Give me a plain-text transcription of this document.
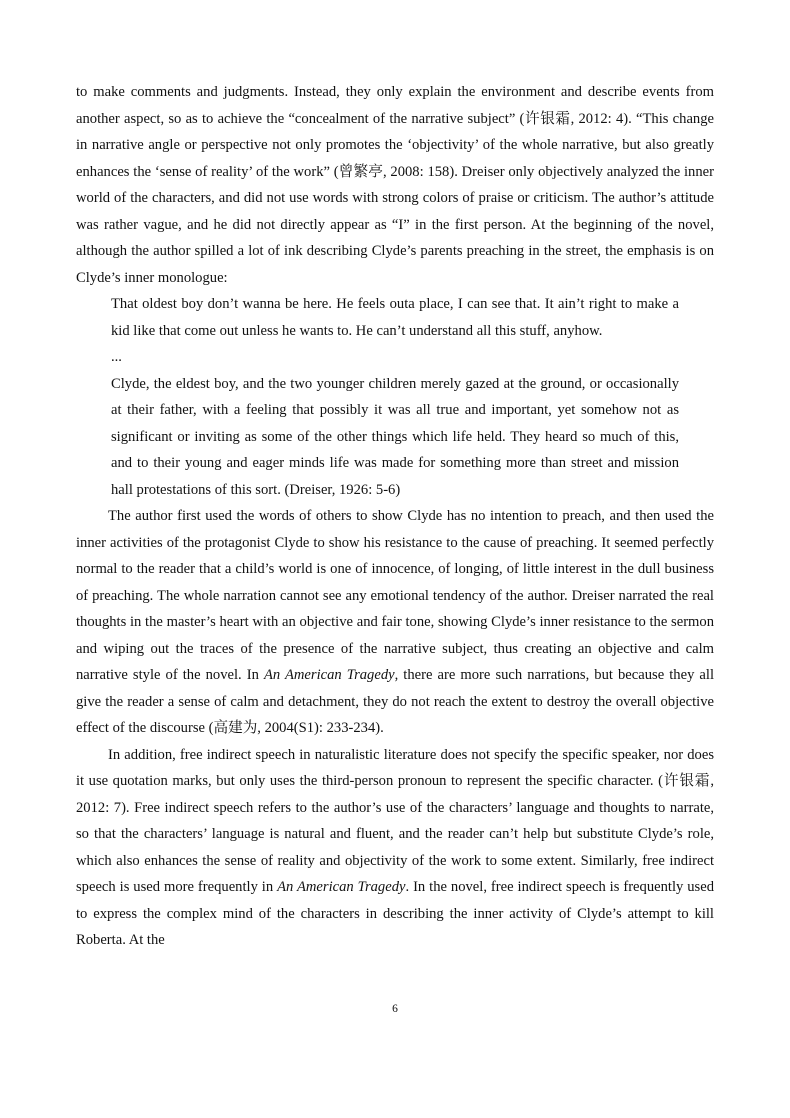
to make comments and judgments. Instead, they only explain the environment and describe events from another aspect, so as to achieve the “concealment of the narrative subject” (许银霜, 2012: 4). “This change in narrative angle or perspective not only promotes the ‘objectivity’ of the whole narrative, but also greatly enhances the ‘sense of reality’ of the work” (曾繁亭, 2008: 158). Dreiser only objectively analyzed the inner world of the characters, and did not use words with strong colors of praise or criticism. The author’s attitude was rather vague, and he did not directly appear as “I” in the first person. At the beginning of the novel, although the author spilled a lot of ink describing Clyde’s parents preaching in the street, the emphasis is on Clyde’s inner monologue:

That oldest boy don’t wanna be here. He feels outa place, I can see that. It ain’t right to make a kid like that come out unless he wants to. He can’t understand all this stuff, anyhow.

...

Clyde, the eldest boy, and the two younger children merely gazed at the ground, or occasionally at their father, with a feeling that possibly it was all true and important, yet somehow not as significant or inviting as some of the other things which life held. They heard so much of this, and to their young and eager minds life was made for something more than street and mission hall protestations of this sort. (Dreiser, 1926: 5-6)

The author first used the words of others to show Clyde has no intention to preach, and then used the inner activities of the protagonist Clyde to show his resistance to the cause of preaching. It seemed perfectly normal to the reader that a child’s world is one of innocence, of longing, of little interest in the dull business of preaching. The whole narration cannot see any emotional tendency of the author. Dreiser narrated the real thoughts in the master’s heart with an objective and fair tone, showing Clyde’s inner resistance to the sermon and wiping out the traces of the presence of the narrative subject, thus creating an objective and calm narrative style of the novel. In An American Tragedy, there are more such narrations, but because they all give the reader a sense of calm and detachment, they do not reach the extent to destroy the overall objective effect of the discourse (高建为, 2004(S1): 233-234).

In addition, free indirect speech in naturalistic literature does not specify the specific speaker, nor does it use quotation marks, but only uses the third-person pronoun to represent the specific character. (许银霜, 2012: 7). Free indirect speech refers to the author’s use of the characters’ language and thoughts to narrate, so that the characters’ language is natural and fluent, and the reader can’t help but substitute Clyde’s role, which also enhances the sense of reality and objectivity of the work to some extent. Similarly, free indirect speech is used more frequently in An American Tragedy. In the novel, free indirect speech is frequently used to express the complex mind of the characters in describing the inner activity of Clyde’s attempt to kill Roberta. At the

6
